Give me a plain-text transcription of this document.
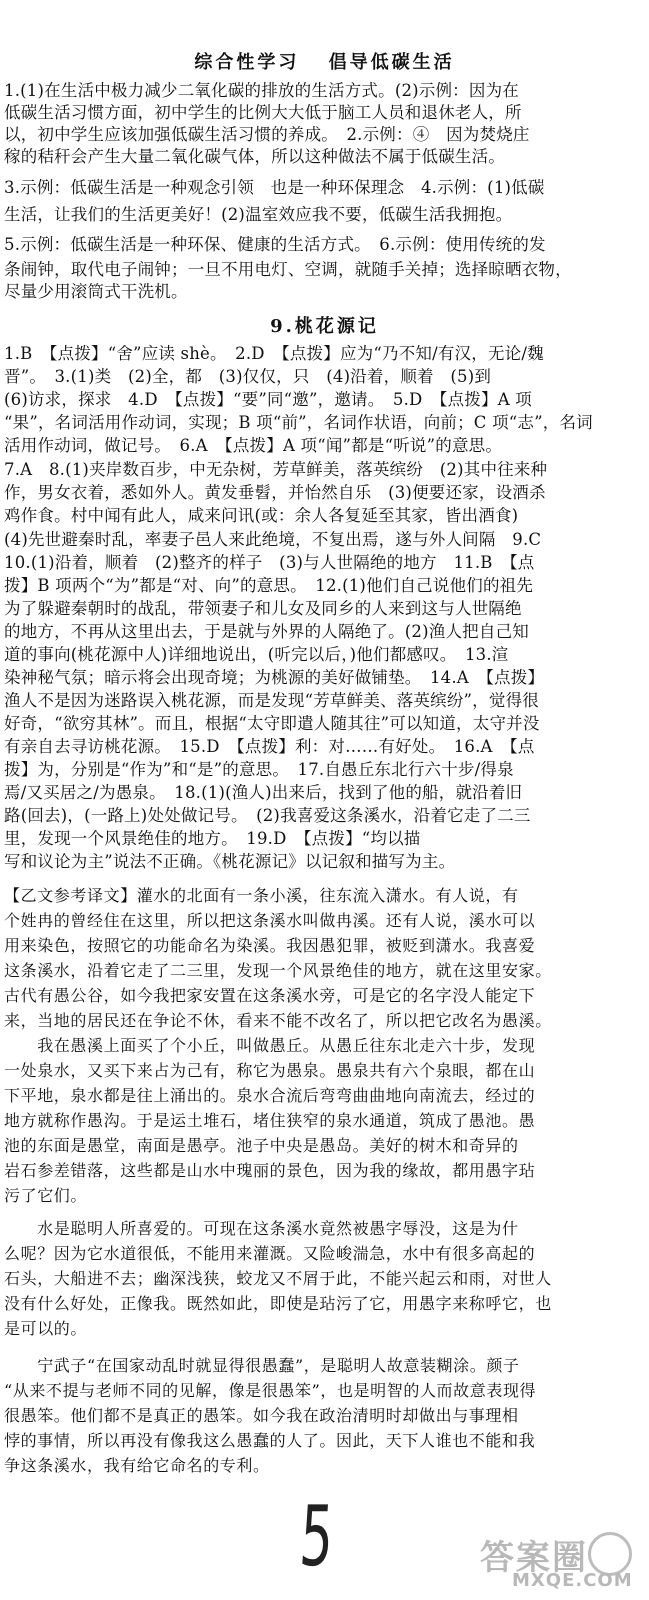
综合性学习 倡导低碳生活
1.(1)在生活中极力减少二氧化碳的排放的生活方式。(2)示例：因为在
低碳生活习惯方面，初中学生的比例大大低于脑工人员和退休老人，所
以，初中学生应该加强低碳生活习惯的养成。　2.示例：④　因为焚烧庄
稼的秸秆会产生大量二氧化碳气体，所以这种做法不属于低碳生活。
3.示例：低碳生活是一种观念引领　也是一种环保理念　4.示例：(1)低碳
生活，让我们的生活更美好！(2)温室效应我不要，低碳生活我拥抱。
5.示例：低碳生活是一种环保、健康的生活方式。　6.示例：使用传统的发
条闹钟，取代电子闹钟；一旦不用电灯、空调，就随手关掉；选择晾晒衣物，
尽量少用滚筒式干洗机。
9.桃花源记
1.B　【点拨】“舍”应读 shè。　2.D　【点拨】应为“乃不知/有汉，无论/魏
晋”。　3.(1)类　(2)全，都　(3)仅仅，只　(4)沿着，顺着　(5)到
(6)访求，探求　4.D　【点拨】“要”同“邀”，邀请。　5.D　【点拨】A 项
“果”，名词活用作动词，实现；B 项“前”，名词作状语，向前；C 项“志”，名词
活用作动词，做记号。　6.A　【点拨】A 项“闻”都是“听说”的意思。
7.A　8.(1)夹岸数百步，中无杂树，芳草鲜美，落英缤纷　(2)其中往来种
作，男女衣着，悉如外人。黄发垂髫，并怡然自乐　(3)便要还家，设酒杀
鸡作食。村中闻有此人，咸来问讯(或：余人各复延至其家，皆出酒食)
(4)先世避秦时乱，率妻子邑人来此绝境，不复出焉，遂与外人间隔　9.C
10.(1)沿着，顺着　(2)整齐的样子　(3)与人世隔绝的地方　11.B　【点
拨】B 项两个“为”都是“对、向”的意思。　12.(1)他们自己说他们的祖先
为了躲避秦朝时的战乱，带领妻子和儿女及同乡的人来到这与人世隔绝
的地方，不再从这里出去，于是就与外界的人隔绝了。(2)渔人把自己知
道的事向(桃花源中人)详细地说出，(听完以后，)他们都感叹。　13.渲
染神秘气氛；暗示将会出现奇境；为桃源的美好做铺垫。　14.A　【点拨】
渔人不是因为迷路误入桃花源，而是发现“芳草鲜美、落英缤纷”，觉得很
好奇，“欲穷其林”。而且，根据“太守即遣人随其往”可以知道，太守并没
有亲自去寻访桃花源。　15.D　【点拨】利：对……有好处。　16.A　【点
拨】为，分别是“作为”和“是”的意思。　17.自愚丘东北行六十步/得泉
焉/又买居之/为愚泉。　18.(1)(渔人)出来后，找到了他的船，就沿着旧
路(回去)，(一路上)处处做记号。　(2)我喜爱这条溪水，沿着它走了二三
里，发现一个风景绝佳的地方。　19.D　【点拨】“均以描
写和议论为主”说法不正确。《桃花源记》以记叙和描写为主。
【乙文参考译文】灌水的北面有一条小溪，往东流入潇水。有人说，有
个姓冉的曾经住在这里，所以把这条溪水叫做冉溪。还有人说，溪水可以
用来染色，按照它的功能命名为染溪。我因愚犯罪，被贬到潇水。我喜爱
这条溪水，沿着它走了二三里，发现一个风景绝佳的地方，就在这里安家。
古代有愚公谷，如今我把家安置在这条溪水旁，可是它的名字没人能定下
来，当地的居民还在争论不休，看来不能不改名了，所以把它改名为愚溪。
　　我在愚溪上面买了个小丘，叫做愚丘。从愚丘往东北走六十步，发现
一处泉水，又买下来占为己有，称它为愚泉。愚泉共有六个泉眼，都在山
下平地，泉水都是往上涌出的。泉水合流后弯弯曲曲地向南流去，经过的
地方就称作愚沟。于是运土堆石，堵住狭窄的泉水通道，筑成了愚池。愚
池的东面是愚堂，南面是愚亭。池子中央是愚岛。美好的树木和奇异的
岩石参差错落，这些都是山水中瑰丽的景色，因为我的缘故，都用愚字玷
污了它们。
　　水是聪明人所喜爱的。可现在这条溪水竟然被愚字辱没，这是为什
么呢？因为它水道很低，不能用来灌溉。又险峻湍急，水中有很多高起的
石头，大船进不去；幽深浅狭，蛟龙又不屑于此，不能兴起云和雨，对世人
没有什么好处，正像我。既然如此，即使是玷污了它，用愚字来称呼它，也
是可以的。
　　宁武子“在国家动乱时就显得很愚蠢”，是聪明人故意装糊涂。颜子
“从来不提与老师不同的见解，像是很愚笨”，也是明智的人而故意表现得
很愚笨。他们都不是真正的愚笨。如今我在政治清明时却做出与事理相
悖的事情，所以再没有像我这么愚蠢的人了。因此，天下人谁也不能和我
争这条溪水，我有给它命名的专利。
5	答案圈
MXQE.COM
